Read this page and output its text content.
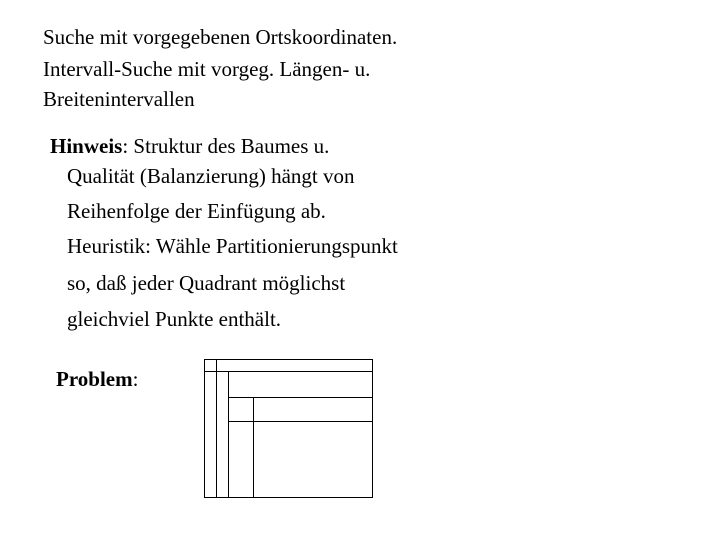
Suche mit vorgegebenen Ortskoordinaten.
Intervall-Suche mit vorgeg. Längen- u.
Breitenintervallen
Hinweis: Struktur des Baumes u.
Qualität (Balanzierung) hängt von
Reihenfolge der Einfügung ab.
Heuristik: Wähle Partitionierungspunkt
so, daß jeder Quadrant möglichst
gleichviel Punkte enthält.
Problem:
